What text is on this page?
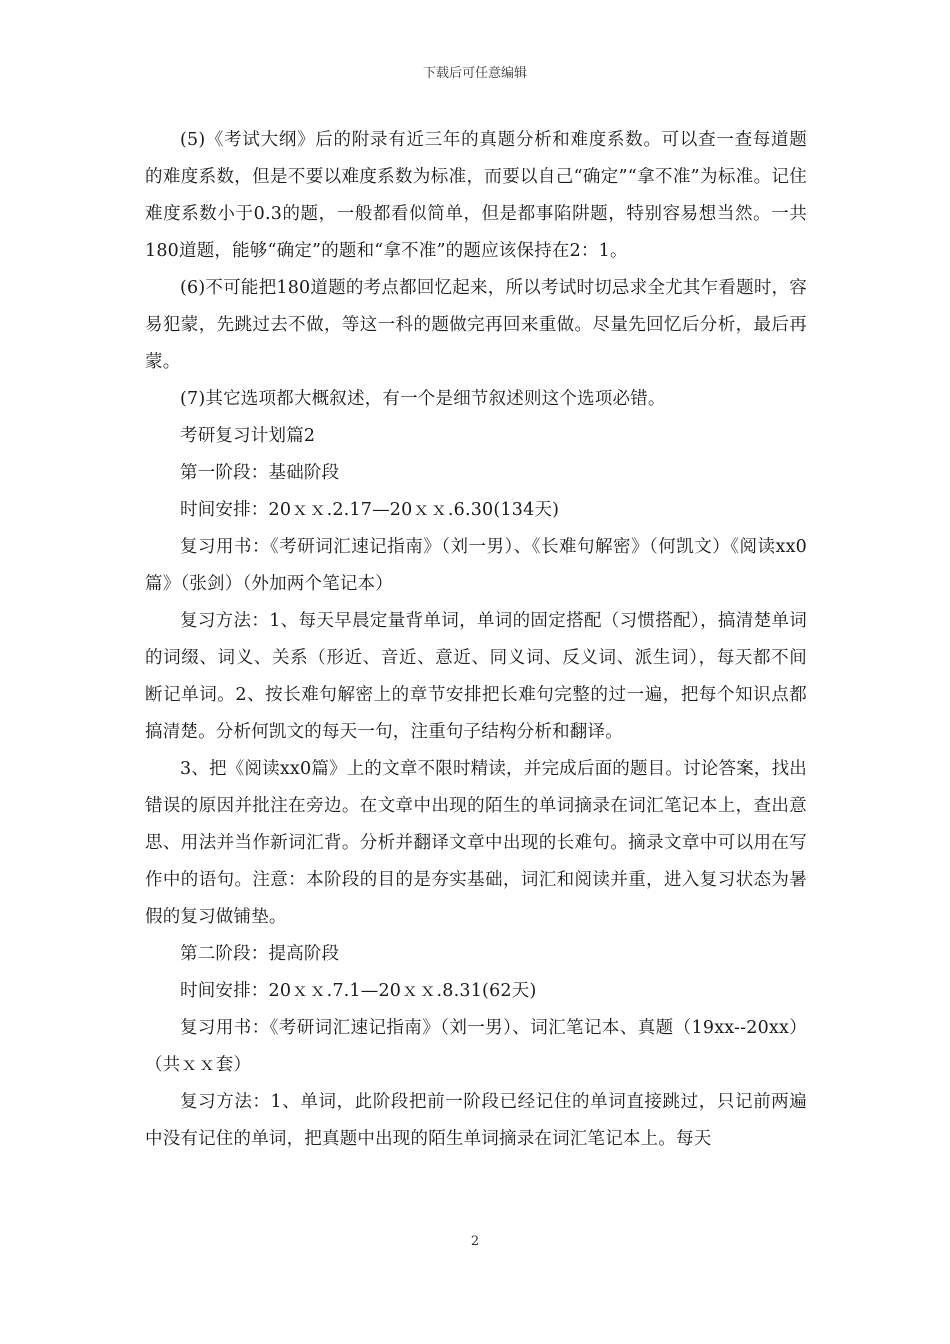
下载后可任意编辑

(5)《考试大纲》后的附录有近三年的真题分析和难度系数。可以查一查每道题的难度系数，但是不要以难度系数为标准，而要以自己“确定”“拿不准”为标准。记住难度系数小于0.3的题，一般都看似简单，但是都事陷阱题，特别容易想当然。一共180道题，能够“确定”的题和“拿不准”的题应该保持在2：1。

(6)不可能把180道题的考点都回忆起来，所以考试时切忌求全尤其乍看题时，容易犯蒙，先跳过去不做，等这一科的题做完再回来重做。尽量先回忆后分析，最后再蒙。

(7)其它选项都大概叙述，有一个是细节叙述则这个选项必错。

考研复习计划篇2

第一阶段：基础阶段

时间安排：20ｘｘ.2.17—20ｘｘ.6.30(134天)

复习用书：《考研词汇速记指南》（刘一男）、《长难句解密》（何凯文）《阅读xx0篇》（张剑）（外加两个笔记本）

复习方法：1、每天早晨定量背单词，单词的固定搭配（习惯搭配），搞清楚单词的词缀、词义、关系（形近、音近、意近、同义词、反义词、派生词），每天都不间断记单词。2、按长难句解密上的章节安排把长难句完整的过一遍，把每个知识点都搞清楚。分析何凯文的每天一句，注重句子结构分析和翻译。

3、把《阅读xx0篇》上的文章不限时精读，并完成后面的题目。讨论答案，找出错误的原因并批注在旁边。在文章中出现的陌生的单词摘录在词汇笔记本上，查出意思、用法并当作新词汇背。分析并翻译文章中出现的长难句。摘录文章中可以用在写作中的语句。注意：本阶段的目的是夯实基础，词汇和阅读并重，进入复习状态为暑假的复习做铺垫。

第二阶段：提高阶段

时间安排：20ｘｘ.7.1—20ｘｘ.8.31(62天)

复习用书：《考研词汇速记指南》（刘一男）、词汇笔记本、真题（19xx--20xx）（共ｘｘ套）

复习方法：1、单词，此阶段把前一阶段已经记住的单词直接跳过，只记前两遍中没有记住的单词，把真题中出现的陌生单词摘录在词汇笔记本上。每天

2
